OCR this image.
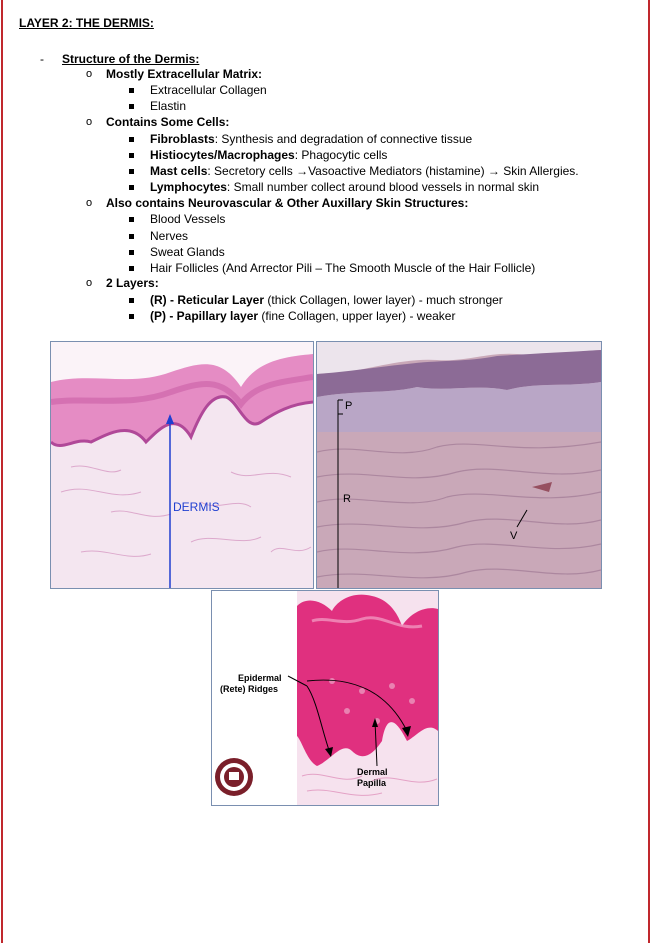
LAYER 2: THE DERMIS:
- Structure of the Dermis:
o Mostly Extracellular Matrix:
Extracellular Collagen
Elastin
o Contains Some Cells:
Fibroblasts: Synthesis and degradation of connective tissue
Histiocytes/Macrophages: Phagocytic cells
Mast cells: Secretory cells →Vasoactive Mediators (histamine) → Skin Allergies.
Lymphocytes: Small number collect around blood vessels in normal skin
o Also contains Neurovascular & Other Auxillary Skin Structures:
Blood Vessels
Nerves
Sweat Glands
Hair Follicles (And Arrector Pili – The Smooth Muscle of the Hair Follicle)
o 2 Layers:
(R) - Reticular Layer (thick Collagen, lower layer) - much stronger
(P) - Papillary layer (fine Collagen, upper layer) - weaker
DERMIS
P
R
V
Epidermal
(Rete) Ridges
Dermal
Papilla
